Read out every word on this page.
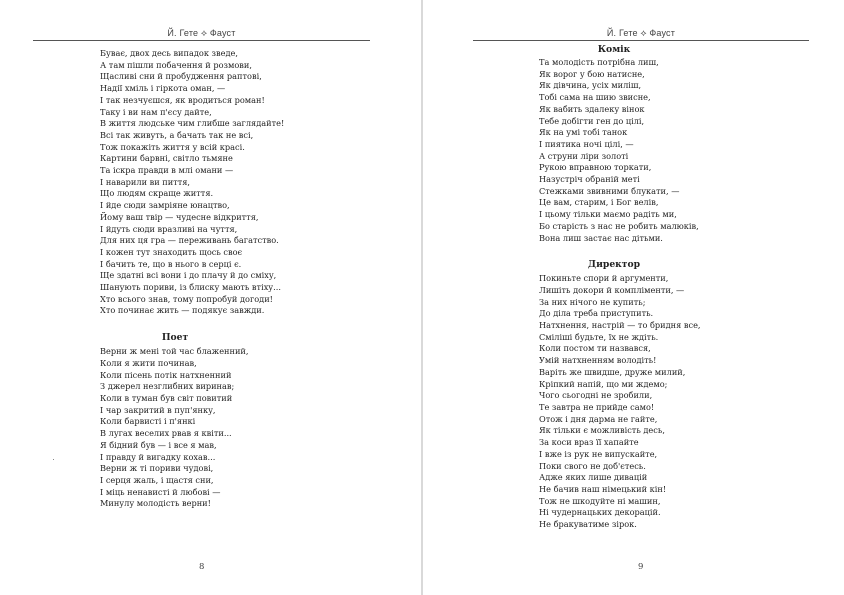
Й. Гете ⟡ Фауст
Буває, двох десь випадок зведе,
А там пішли побачення й розмови,
Щасливі сни й пробудження раптові,
Надії хміль і гіркота оман, —
І так незчуєшся, як вродиться роман!
Таку і ви нам п'єсу дайте,
В життя людське чим глибше заглядайте!
Всі так живуть, а бачать так не всі,
Тож покажіть життя у всій красі.
Картини барвні, світло тьмяне
Та іскра правди в млі омани —
І наварили ви пиття,
Що людям скраще життя.
І йде сюди замріяне юнацтво,
Йому ваш твір — чудесне відкриття,
І йдуть сюди вразливі на чуття,
Для них ця гра — переживань багатство.
І кожен тут знаходить щось своє
І бачить те, що в нього в серці є.
Ще здатні всі вони і до плачу й до сміху,
Шанують пориви, із блиску мають втіху...
Хто всього знав, тому попробуй догоди!
Хто починає жить — подякує завжди.
Поет
Верни ж мені той час блаженний,
Коли я жити починав,
Коли пісень потік натхненний
З джерел незглибних виринав;
Коли в туман був світ повитий
І чар закритий в пуп'янку,
Коли барвисті і п'янкі
В лугах веселих рвав я квіти...
Я бідний був — і все я мав,
І правду й вигадку кохав...
Верни ж ті пориви чудові,
І серця жаль, і щастя сни,
І міць ненависті й любові —
Минулу молодість верни!
8
Й. Гете ⟡ Фауст
Комік
Та молодість потрібна лиш,
Як ворог у бою натисне,
Як дівчина, усіх миліш,
Тобі сама на шию звисне,
Як вабить здалеку вінок
Тебе добігти ген до цілі,
Як на умі тобі танок
І пиятика ночі цілі, —
А струни ліри золоті
Рукою вправною торкати,
Назустріч обраній меті
Стежками звивними блукати, —
Це вам, старим, і Бог велів,
І цьому тільки маємо радіть ми,
Бо старість з нас не робить малюків,
Вона лиш застає нас дітьми.
Директор
Покиньте спори й аргументи,
Лишіть докори й компліменти, —
За них нічого не купить;
До діла треба приступить.
Натхнення, настрій — то бридня все,
Сміліші будьте, їх не ждіть.
Коли постом ти назвався,
Умій натхненням володіть!
Варіть же швидше, друже милий,
Кріпкий напій, що ми ждемо;
Чого сьогодні не зробили,
Те завтра не прийде само!
Отож і дня дарма не гайте,
Як тільки є можливість десь,
За коси враз її хапайте
І вже із рук не випускайте,
Поки свого не доб'єтесь.
Адже яких лише дивацій
Не бачив наш німецький кін!
Тож не шкодуйте ні машин,
Ні чудернацьких декорацій.
Не бракуватиме зірок.
9
